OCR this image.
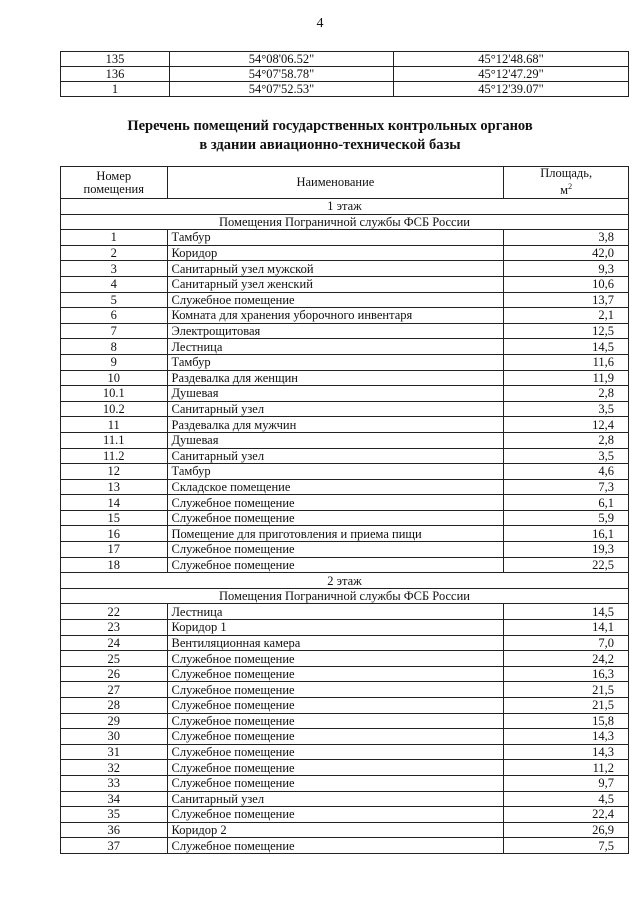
4
135	54°08'06.52"	45°12'48.68"
136	54°07'58.78"	45°12'47.29"
1	54°07'52.53"	45°12'39.07"
Перечень помещений государственных контрольных органов
в здании авиационно-технической базы
Номер
помещения	Наименование	Площадь,
$м^2$
1 этаж		
Помещения Пограничной службы ФСБ России		
1	Тамбур	3,8
2	Коридор	42,0
3	Санитарный узел мужской	9,3
4	Санитарный узел женский	10,6
5	Служебное помещение	13,7
6	Комната для хранения уборочного инвентаря	2,1
7	Электрощитовая	12,5
8	Лестница	14,5
9	Тамбур	11,6
10	Раздевалка для женщин	11,9
10.1	Душевая	2,8
10.2	Санитарный узел	3,5
11	Раздевалка для мужчин	12,4
11.1	Душевая	2,8
11.2	Санитарный узел	3,5
12	Тамбур	4,6
13	Складское помещение	7,3
14	Служебное помещение	6,1
15	Служебное помещение	5,9
16	Помещение для приготовления и приема пищи	16,1
17	Служебное помещение	19,3
18	Служебное помещение	22,5
2 этаж		
Помещения Пограничной службы ФСБ России		
22	Лестница	14,5
23	Коридор 1	14,1
24	Вентиляционная камера	7,0
25	Служебное помещение	24,2
26	Служебное помещение	16,3
27	Служебное помещение	21,5
28	Служебное помещение	21,5
29	Служебное помещение	15,8
30	Служебное помещение	14,3
31	Служебное помещение	14,3
32	Служебное помещение	11,2
33	Служебное помещение	9,7
34	Санитарный узел	4,5
35	Служебное помещение	22,4
36	Коридор 2	26,9
37	Служебное помещение	7,5
